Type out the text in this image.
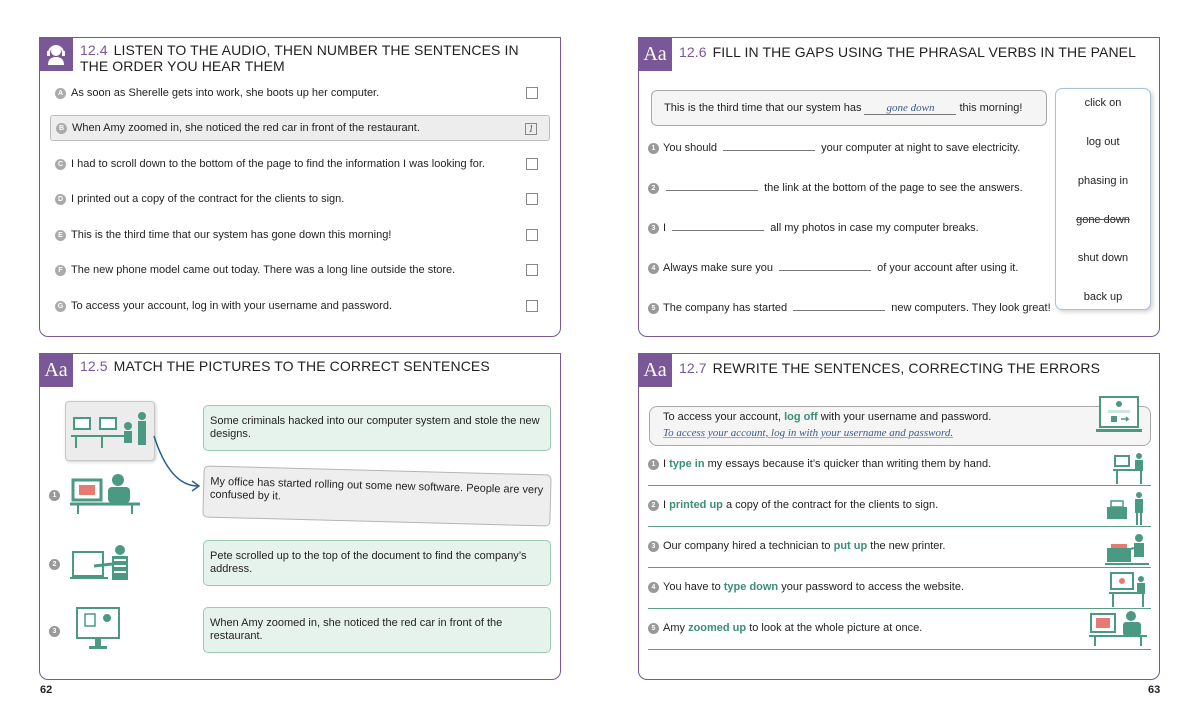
12.4 LISTEN TO THE AUDIO, THEN NUMBER THE SENTENCES IN THE ORDER YOU HEAR THEM
A As soon as Sherelle gets into work, she boots up her computer.
B When Amy zoomed in, she noticed the red car in front of the restaurant.	1
C I had to scroll down to the bottom of the page to find the information I was looking for.
D I printed out a copy of the contract for the clients to sign.
E This is the third time that our system has gone down this morning!
F The new phone model came out today. There was a long line outside the store.
G To access your account, log in with your username and password.
Aa 12.5 MATCH THE PICTURES TO THE CORRECT SENTENCES
1
2
3
Some criminals hacked into our computer system and stole the new designs.
My office has started rolling out some new software. People are very confused by it.
Pete scrolled up to the top of the document to find the company’s address.
When Amy zoomed in, she noticed the red car in front of the restaurant.
Aa 12.6 FILL IN THE GAPS USING THE PHRASAL VERBS IN THE PANEL
This is the third time that our system has	gone down	this morning!
1 You should	your computer at night to save electricity.
2	the link at the bottom of the page to see the answers.
3 I	all my photos in case my computer breaks.
4 Always make sure you	of your account after using it.
5 The company has started	new computers. They look great!
click on
log out
phasing in
gone down
shut down
back up
Aa 12.7 REWRITE THE SENTENCES, CORRECTING THE ERRORS
To access your account, log off with your username and password.
To access your account, log in with your username and password.
1 I type in my essays because it’s quicker than writing them by hand.
2 I printed up a copy of the contract for the clients to sign.
3 Our company hired a technician to put up the new printer.
4 You have to type down your password to access the website.
5 Amy zoomed up to look at the whole picture at once.
62	63
